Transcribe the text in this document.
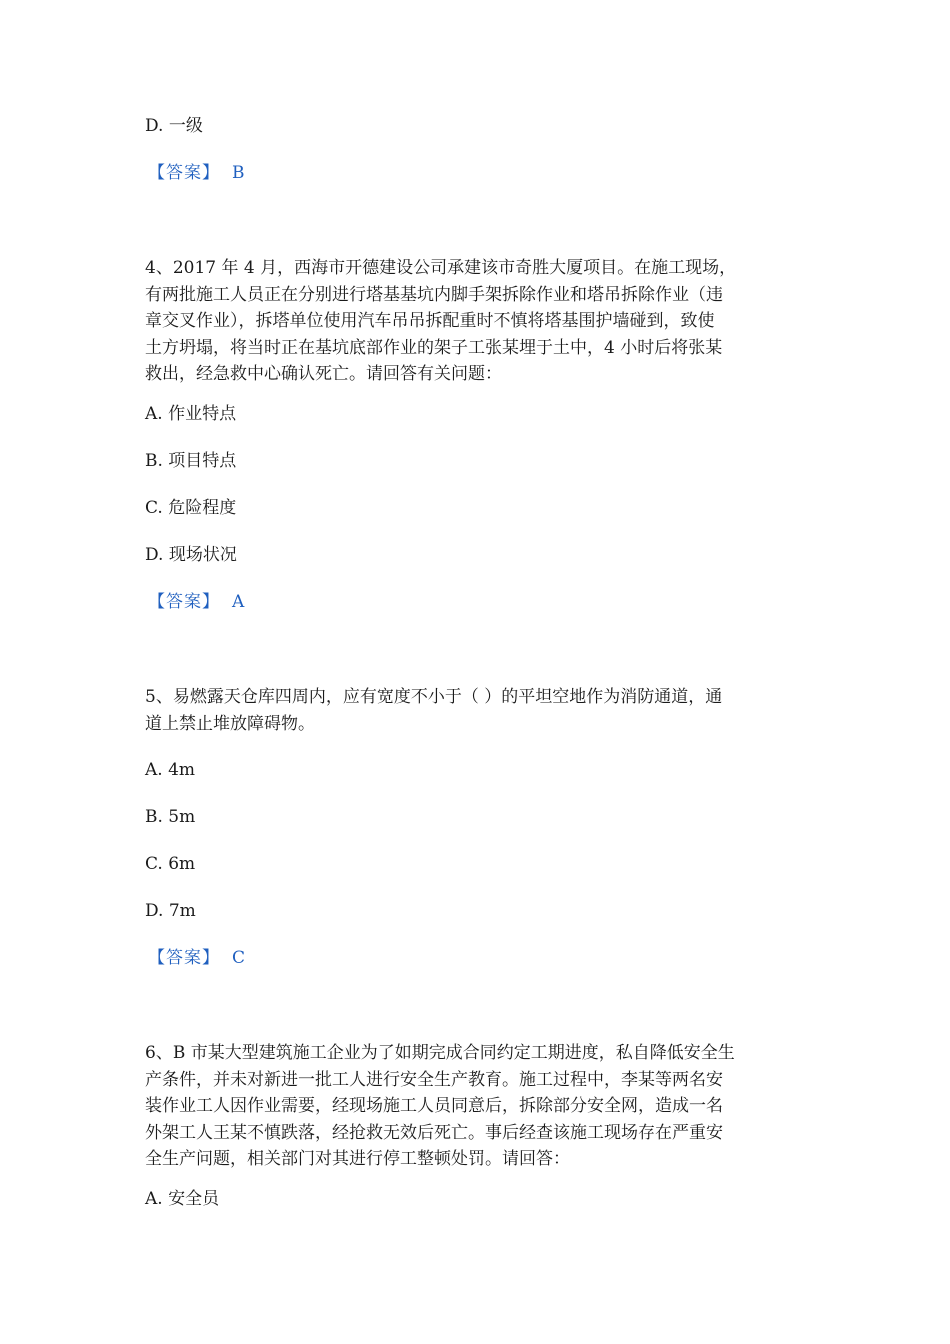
D. 一级
【答案】 B
4、2017 年 4 月，西海市开德建设公司承建该市奇胜大厦项目。在施工现场，
有两批施工人员正在分别进行塔基基坑内脚手架拆除作业和塔吊拆除作业（违
章交叉作业），拆塔单位使用汽车吊吊拆配重时不慎将塔基围护墙碰到，致使
土方坍塌，将当时正在基坑底部作业的架子工张某埋于土中，4 小时后将张某
救出，经急救中心确认死亡。请回答有关问题：
A. 作业特点
B. 项目特点
C. 危险程度
D. 现场状况
【答案】 A
5、易燃露天仓库四周内，应有宽度不小于（ ）的平坦空地作为消防通道，通
道上禁止堆放障碍物。
A. 4m
B. 5m
C. 6m
D. 7m
【答案】 C
6、B 市某大型建筑施工企业为了如期完成合同约定工期进度，私自降低安全生
产条件，并未对新进一批工人进行安全生产教育。施工过程中，李某等两名安
装作业工人因作业需要，经现场施工人员同意后，拆除部分安全网，造成一名
外架工人王某不慎跌落，经抢救无效后死亡。事后经查该施工现场存在严重安
全生产问题，相关部门对其进行停工整顿处罚。请回答：
A. 安全员
